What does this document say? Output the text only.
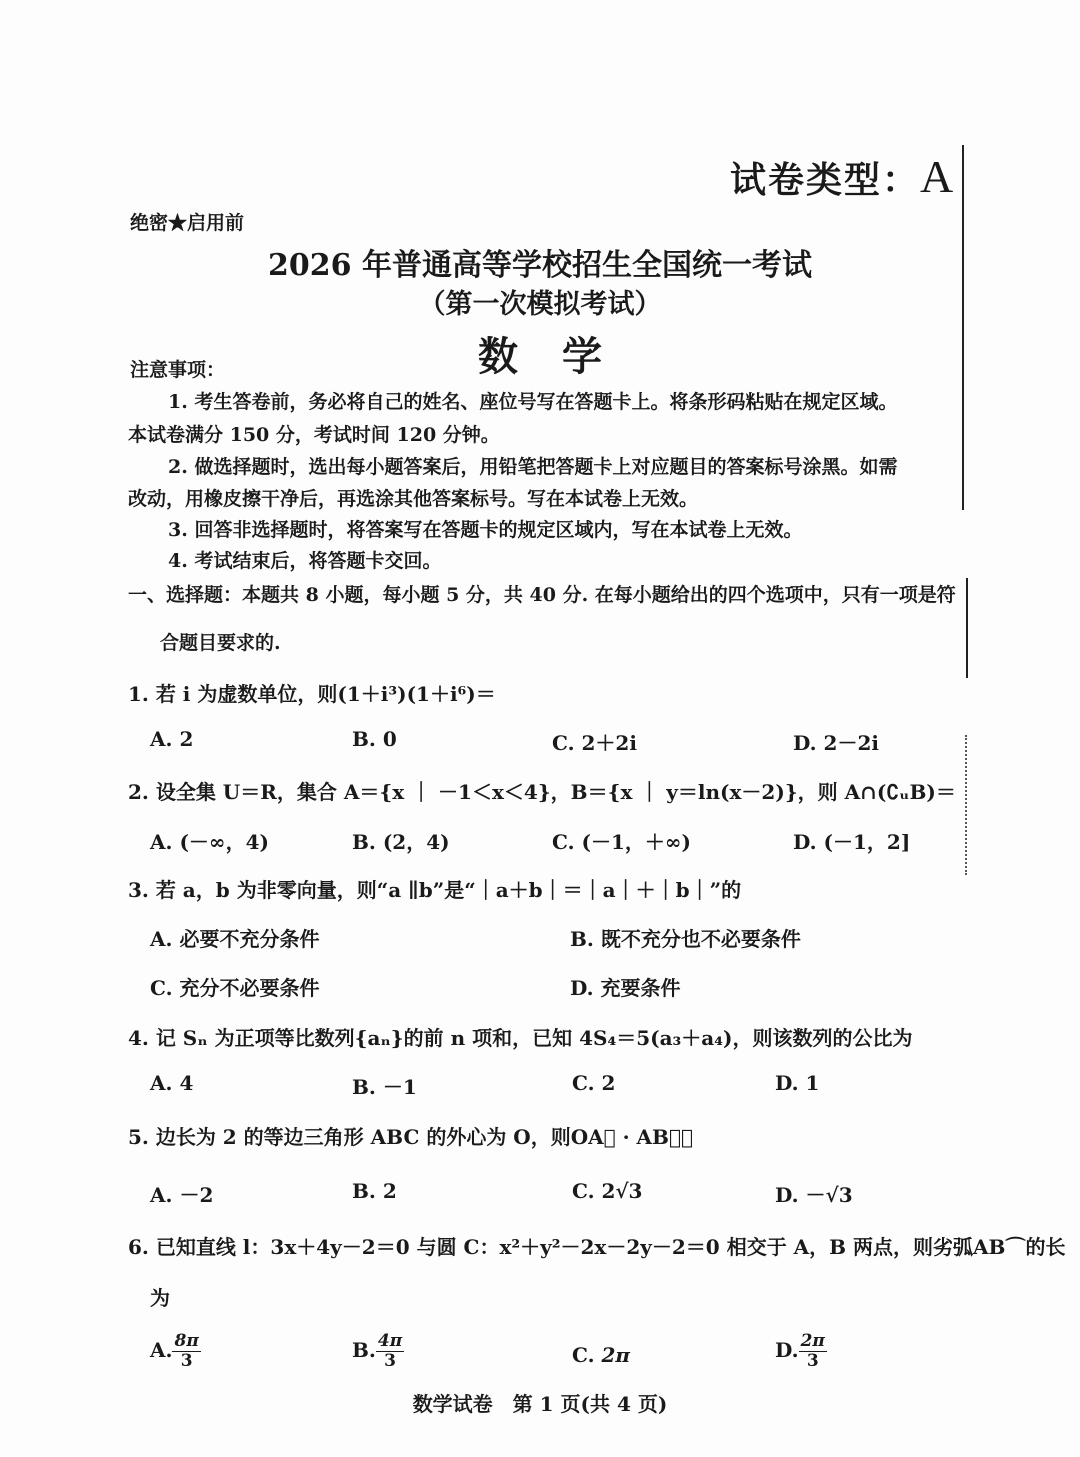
试卷类型：A
绝密★启用前
2026 年普通高等学校招生全国统一考试
（第一次模拟考试）
数学
注意事项：
1. 考生答卷前，务必将自己的姓名、座位号写在答题卡上。将条形码粘贴在规定区域。
本试卷满分 150 分，考试时间 120 分钟。
2. 做选择题时，选出每小题答案后，用铅笔把答题卡上对应题目的答案标号涂黑。如需
改动，用橡皮擦干净后，再选涂其他答案标号。写在本试卷上无效。
3. 回答非选择题时，将答案写在答题卡的规定区域内，写在本试卷上无效。
4. 考试结束后，将答题卡交回。
一、选择题：本题共 8 小题，每小题 5 分，共 40 分. 在每小题给出的四个选项中，只有一项是符
合题目要求的.
1. 若 i 为虚数单位，则(1＋i³)(1＋i⁶)＝
A. 2	B. 0	C. 2＋2i	D. 2－2i
2. 设全集 U＝R，集合 A＝{x ｜ －1＜x＜4}，B＝{x ｜ y＝ln(x－2)}，则 A∩(∁ᵤB)＝
A. (－∞，4)	B. (2，4)	C. (－1，＋∞)	D. (－1，2]
3. 若 a，b 为非零向量，则“a ∥b”是“｜a＋b｜＝｜a｜＋｜b｜”的
A. 必要不充分条件	B. 既不充分也不必要条件
C. 充分不必要条件	D. 充要条件
4. 记 Sₙ 为正项等比数列{aₙ}的前 n 项和，已知 4S₄＝5(a₃＋a₄)，则该数列的公比为
A. 4	B. －1	C. 2	D. 1
5. 边长为 2 的等边三角形 ABC 的外心为 O，则OA⃗ · AB⃗＝
A. －2	B. 2	C. 2√3	D. －√3
6. 已知直线 l：3x＋4y－2＝0 与圆 C：x²＋y²－2x－2y－2＝0 相交于 A，B 两点，则劣弧AB⌒的长
为
A. $\frac{8\pi}{3}$	B. $\frac{4\pi}{3}$	C. 2π	D. $\frac{2\pi}{3}$
数学试卷　第 1 页(共 4 页)
